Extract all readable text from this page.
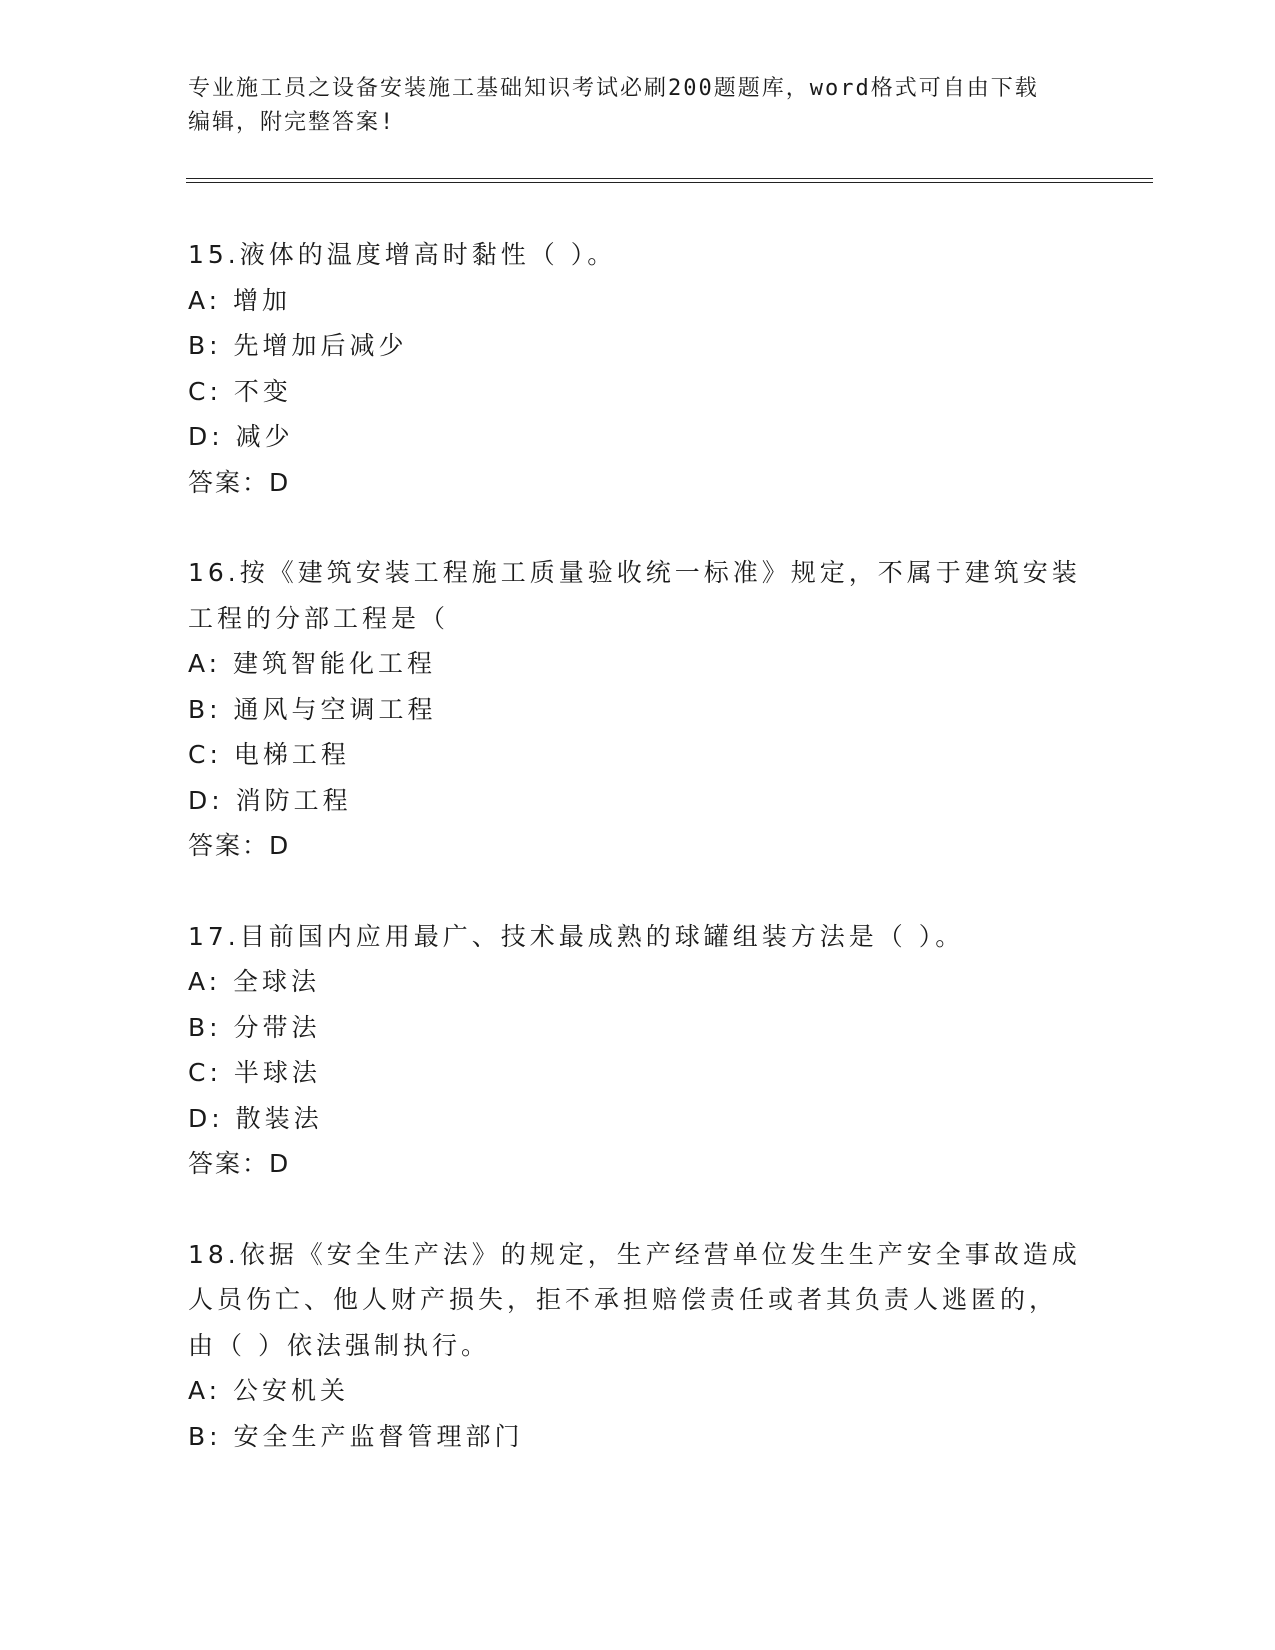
专业施工员之设备安装施工基础知识考试必刷200题题库，word格式可自由下载
编辑，附完整答案!
15.液体的温度增高时黏性（ ）。
A: 增加
B: 先增加后减少
C: 不变
D: 减少
答案：D
16.按《建筑安装工程施工质量验收统一标准》规定，不属于建筑安装
工程的分部工程是（
A: 建筑智能化工程
B: 通风与空调工程
C: 电梯工程
D: 消防工程
答案：D
17.目前国内应用最广、技术最成熟的球罐组装方法是（ ）。
A: 全球法
B: 分带法
C: 半球法
D: 散装法
答案：D
18.依据《安全生产法》的规定，生产经营单位发生生产安全事故造成
人员伤亡、他人财产损失，拒不承担赔偿责任或者其负责人逃匿的，
由（ ）依法强制执行。
A: 公安机关
B: 安全生产监督管理部门
